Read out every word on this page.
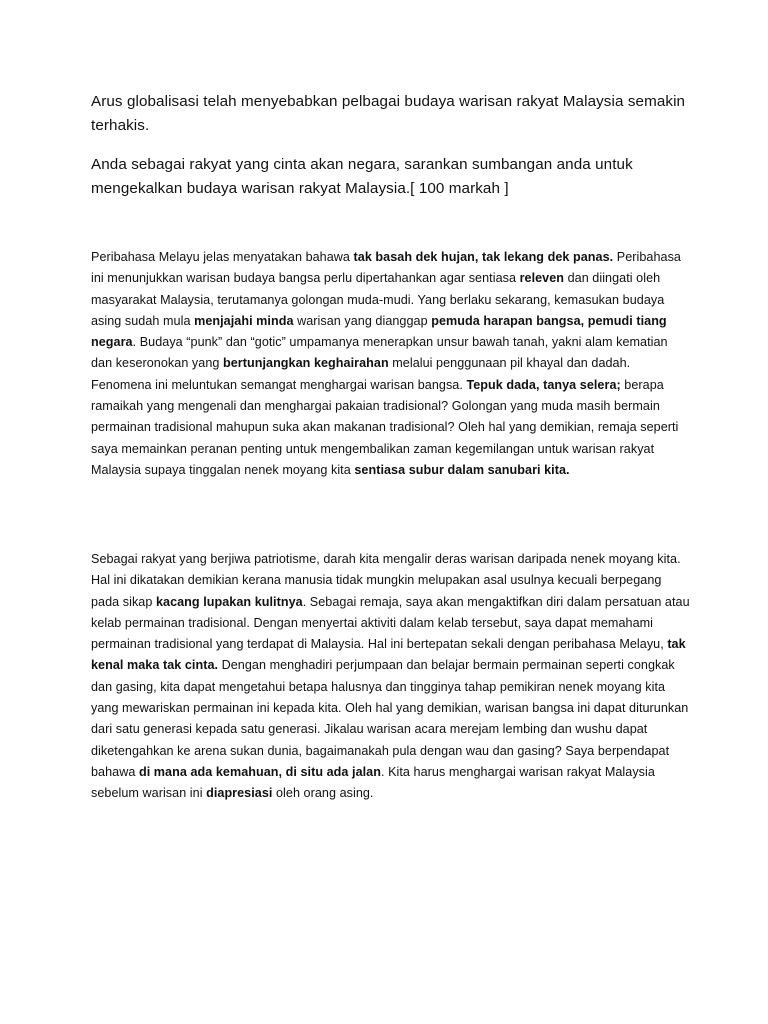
Arus globalisasi telah menyebabkan pelbagai budaya warisan rakyat Malaysia semakin terhakis.

Anda sebagai rakyat yang cinta akan negara, sarankan sumbangan anda untuk mengekalkan budaya warisan rakyat Malaysia.[ 100 markah ]

Peribahasa Melayu jelas menyatakan bahawa tak basah dek hujan, tak lekang dek panas. Peribahasa ini menunjukkan warisan budaya bangsa perlu dipertahankan agar sentiasa releven dan diingati oleh masyarakat Malaysia, terutamanya golongan muda-mudi. Yang berlaku sekarang, kemasukan budaya asing sudah mula menjajahi minda warisan yang dianggap pemuda harapan bangsa, pemudi tiang negara. Budaya “punk” dan “gotic” umpamanya menerapkan unsur bawah tanah, yakni alam kematian dan keseronokan yang bertunjangkan keghairahan melalui penggunaan pil khayal dan dadah. Fenomena ini meluntukan semangat menghargai warisan bangsa. Tepuk dada, tanya selera; berapa ramaikah yang mengenali dan menghargai pakaian tradisional? Golongan yang muda masih bermain permainan tradisional mahupun suka akan makanan tradisional? Oleh hal yang demikian, remaja seperti saya memainkan peranan penting untuk mengembalikan zaman kegemilangan untuk warisan rakyat Malaysia supaya tinggalan nenek moyang kita sentiasa subur dalam sanubari kita.

Sebagai rakyat yang berjiwa patriotisme, darah kita mengalir deras warisan daripada nenek moyang kita. Hal ini dikatakan demikian kerana manusia tidak mungkin melupakan asal usulnya kecuali berpegang pada sikap kacang lupakan kulitnya. Sebagai remaja, saya akan mengaktifkan diri dalam persatuan atau kelab permainan tradisional. Dengan menyertai aktiviti dalam kelab tersebut, saya dapat memahami permainan tradisional yang terdapat di Malaysia. Hal ini bertepatan sekali dengan peribahasa Melayu, tak kenal maka tak cinta. Dengan menghadiri perjumpaan dan belajar bermain permainan seperti congkak dan gasing, kita dapat mengetahui betapa halusnya dan tingginya tahap pemikiran nenek moyang kita yang mewariskan permainan ini kepada kita. Oleh hal yang demikian, warisan bangsa ini dapat diturunkan dari satu generasi kepada satu generasi. Jikalau warisan acara merejam lembing dan wushu dapat diketengahkan ke arena sukan dunia, bagaimanakah pula dengan wau dan gasing? Saya berpendapat bahawa di mana ada kemahuan, di situ ada jalan. Kita harus menghargai warisan rakyat Malaysia sebelum warisan ini diapresiasi oleh orang asing.
